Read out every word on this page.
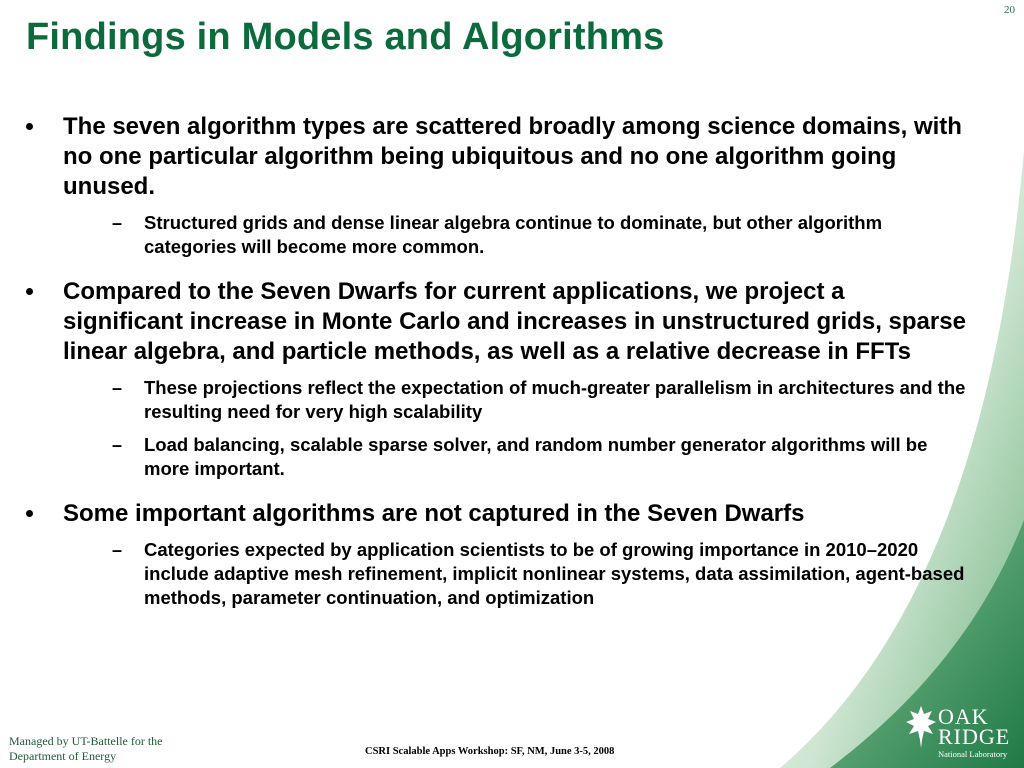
20
Findings in Models and Algorithms
The seven algorithm types are scattered broadly among science domains, with no one particular algorithm being ubiquitous and no one algorithm going unused.
– Structured grids and dense linear algebra continue to dominate, but other algorithm categories will become more common.
Compared to the Seven Dwarfs for current applications, we project a significant increase in Monte Carlo and increases in unstructured grids, sparse linear algebra, and particle methods, as well as a relative decrease in FFTs
– These projections reflect the expectation of much-greater parallelism in architectures and the resulting need for very high scalability
– Load balancing, scalable sparse solver, and random number generator algorithms will be more important.
Some important algorithms are not captured in the Seven Dwarfs
– Categories expected by application scientists to be of growing importance in 2010–2020 include adaptive mesh refinement, implicit nonlinear systems, data assimilation, agent-based methods, parameter continuation, and optimization
Managed by UT-Battelle for the
Department of Energy	CSRI Scalable Apps Workshop: SF, NM, June 3-5, 2008
OAK
RIDGE
National Laboratory
